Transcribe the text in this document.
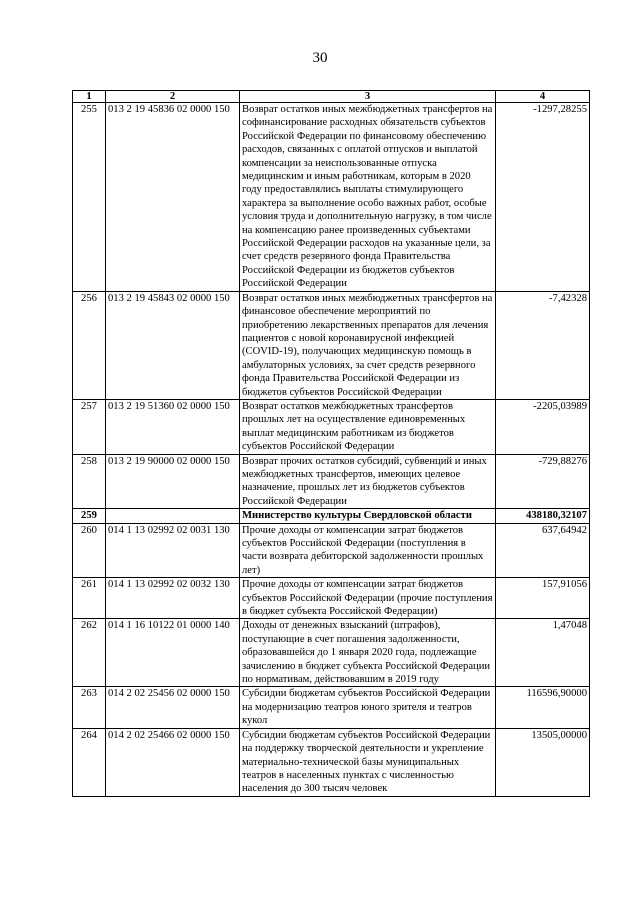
30
1	2	3	4
255	013 2 19 45836 02 0000 150	Возврат остатков иных межбюджетных трансфертов на софинансирование расходных обязательств субъектов Российской Федерации по финансовому обеспечению расходов, связанных с оплатой отпусков и выплатой компенсации за неиспользованные отпуска медицинским и иным работникам, которым в 2020 году предоставлялись выплаты стимулирующего характера за выполнение особо важных работ, особые условия труда и дополнительную нагрузку, в том числе на компенсацию ранее произведенных субъектами Российской Федерации расходов на указанные цели, за счет средств резервного фонда Правительства Российской Федерации из бюджетов субъектов Российской Федерации	-1297,28255
256	013 2 19 45843 02 0000 150	Возврат остатков иных межбюджетных трансфертов на финансовое обеспечение мероприятий по приобретению лекарственных препаратов для лечения пациентов с новой коронавирусной инфекцией (COVID-19), получающих медицинскую помощь в амбулаторных условиях, за счет средств резервного фонда Правительства Российской Федерации из бюджетов субъектов Российской Федерации	-7,42328
257	013 2 19 51360 02 0000 150	Возврат остатков межбюджетных трансфертов прошлых лет на осуществление единовременных выплат медицинским работникам из бюджетов субъектов Российской Федерации	-2205,03989
258	013 2 19 90000 02 0000 150	Возврат прочих остатков субсидий, субвенций и иных межбюджетных трансфертов, имеющих целевое назначение, прошлых лет из бюджетов субъектов Российской Федерации	-729,88276
259		Министерство культуры Свердловской области	438180,32107
260	014 1 13 02992 02 0031 130	Прочие доходы от компенсации затрат бюджетов субъектов Российской Федерации (поступления в части возврата дебиторской задолженности прошлых лет)	637,64942
261	014 1 13 02992 02 0032 130	Прочие доходы от компенсации затрат бюджетов субъектов Российской Федерации (прочие поступления в бюджет субъекта Российской Федерации)	157,91056
262	014 1 16 10122 01 0000 140	Доходы от денежных взысканий (штрафов), поступающие в счет погашения задолженности, образовавшейся до 1 января 2020 года, подлежащие зачислению в бюджет субъекта Российской Федерации по нормативам, действовавшим в 2019 году	1,47048
263	014 2 02 25456 02 0000 150	Субсидии бюджетам субъектов Российской Федерации на модернизацию театров юного зрителя и театров кукол	116596,90000
264	014 2 02 25466 02 0000 150	Субсидии бюджетам субъектов Российской Федерации на поддержку творческой деятельности и укрепление материально-технической базы муниципальных театров в населенных пунктах с численностью населения до 300 тысяч человек	13505,00000
